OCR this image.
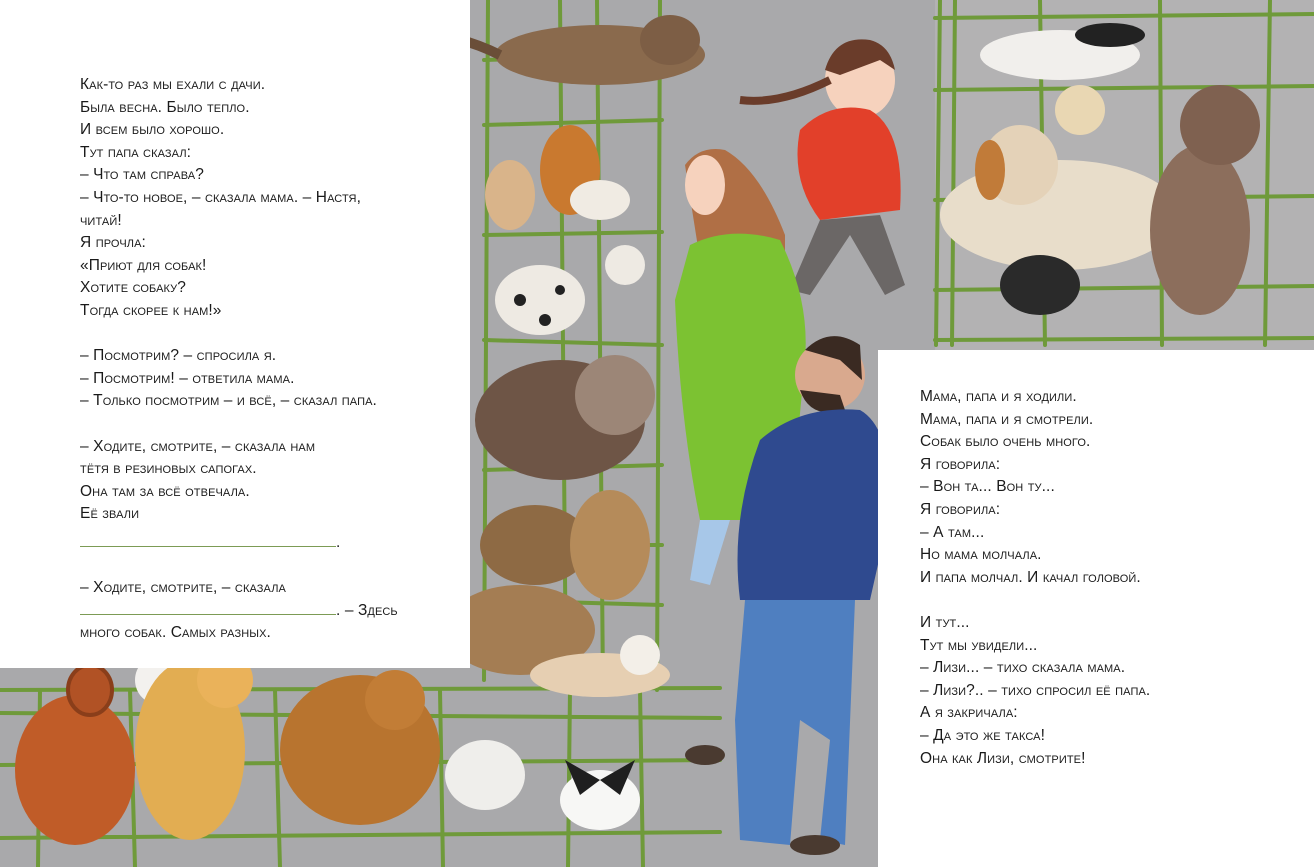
Как-то раз мы ехали с дачи.

Была весна. Было тепло.

И всем было хорошо.

Тут папа сказал:

– Что там справа?

– Что-то новое, – сказала мама. – Настя,

читай!

Я прочла:

«Приют для собак!

Хотите собаку?

Тогда скорее к нам!»

– Посмотрим? – спросила я.

– Посмотрим! – ответила мама.

– Только посмотрим – и всё, – сказал папа.

– Ходите, смотрите, – сказала нам

тётя в резиновых сапогах.

Она там за всё отвечала.

Её звали

.

– Ходите, смотрите, – сказала

. – Здесь

много собак. Самых разных.

Мама, папа и я ходили.

Мама, папа и я смотрели.

Собак было очень много.

Я говорила:

– Вон та... Вон ту...

Я говорила:

– А там...

Но мама молчала.

И папа молчал. И качал головой.

И тут...

Тут мы увидели...

– Лизи... – тихо сказала мама.

– Лизи?.. – тихо спросил её папа.

А я закричала:

– Да это же такса!

Она как Лизи, смотрите!
